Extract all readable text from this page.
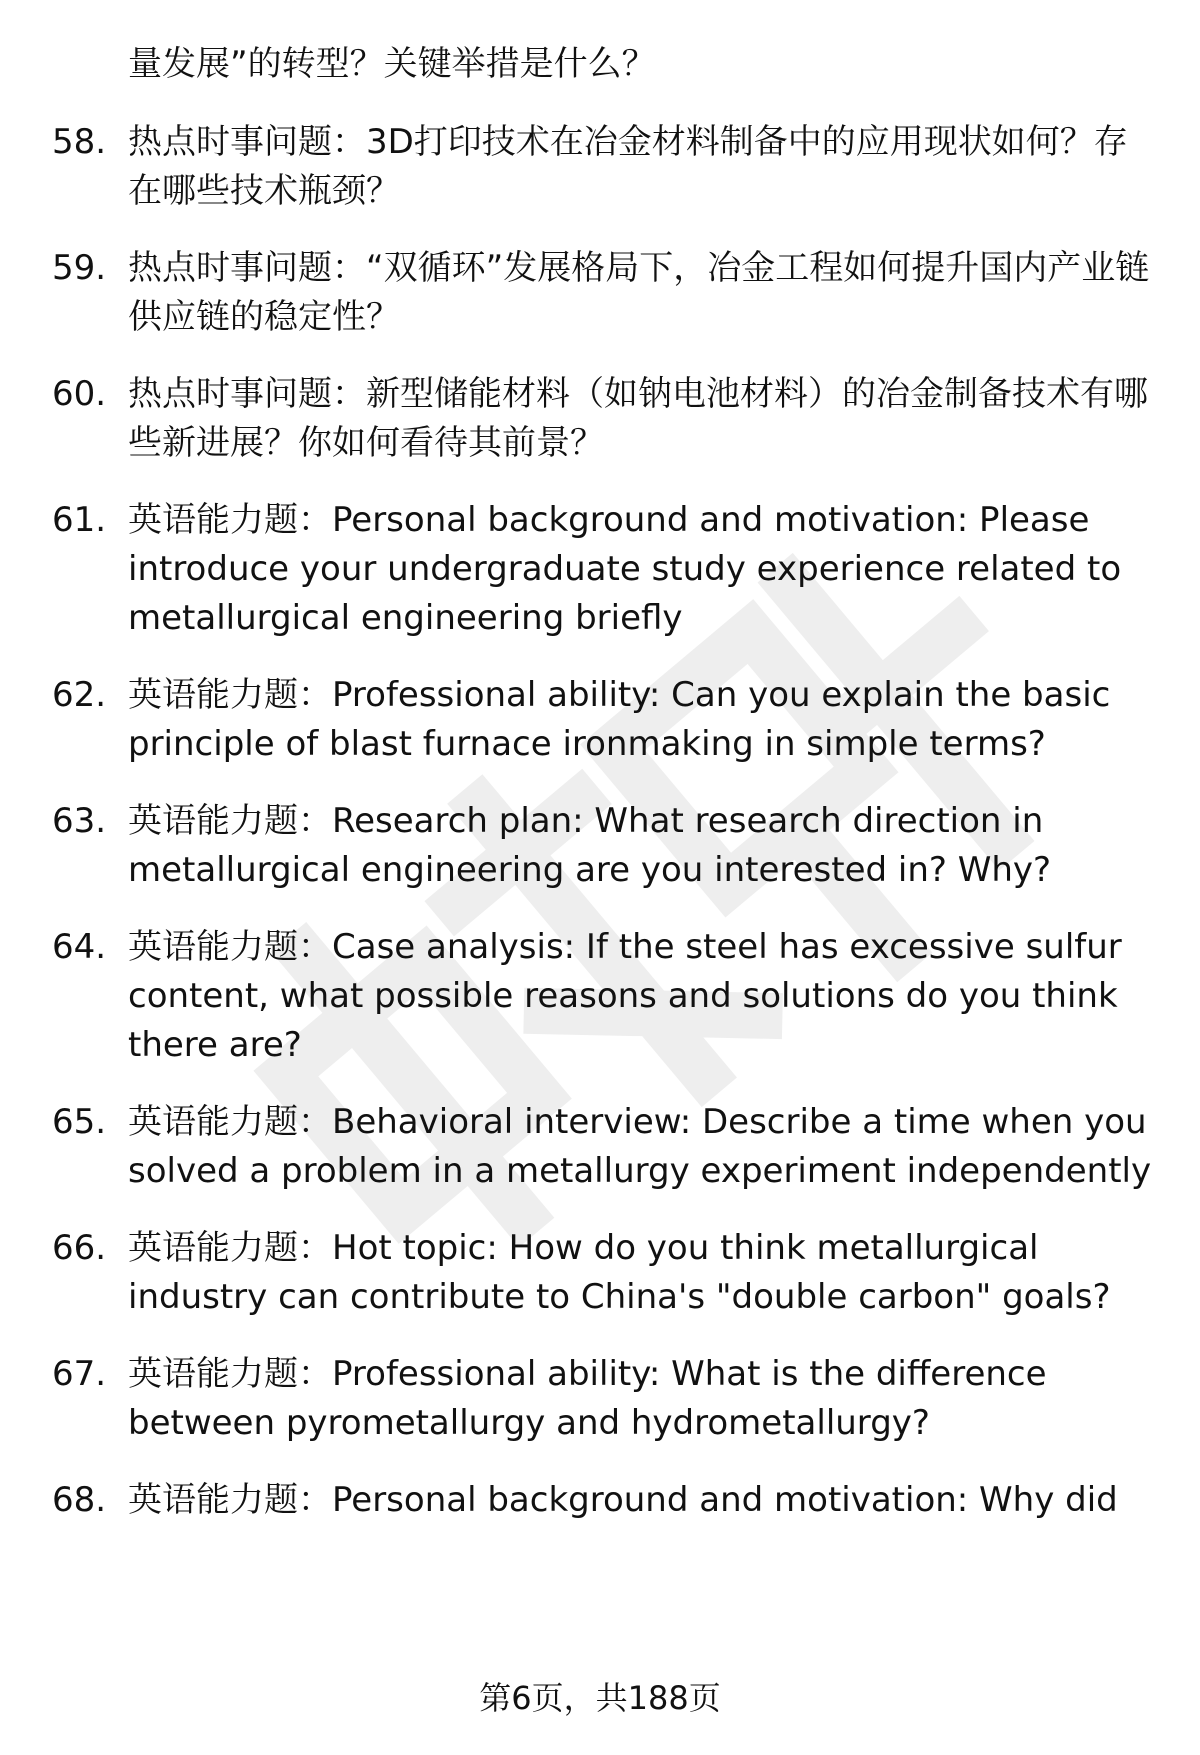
量发展”的转型？关键举措是什么？
58. 热点时事问题：3D打印技术在冶金材料制备中的应用现状如何？存在哪些技术瓶颈？
59. 热点时事问题：“双循环”发展格局下，冶金工程如何提升国内产业链供应链的稳定性？
60. 热点时事问题：新型储能材料（如钠电池材料）的冶金制备技术有哪些新进展？你如何看待其前景？
61. 英语能力题：Personal background and motivation: Please introduce your undergraduate study experience related to metallurgical engineering briefly
62. 英语能力题：Professional ability: Can you explain the basic principle of blast furnace ironmaking in simple terms?
63. 英语能力题：Research plan: What research direction in metallurgical engineering are you interested in? Why?
64. 英语能力题：Case analysis: If the steel has excessive sulfur content, what possible reasons and solutions do you think there are?
65. 英语能力题：Behavioral interview: Describe a time when you solved a problem in a metallurgy experiment independently
66. 英语能力题：Hot topic: How do you think metallurgical industry can contribute to China's "double carbon" goals?
67. 英语能力题：Professional ability: What is the difference between pyrometallurgy and hydrometallurgy?
68. 英语能力题：Personal background and motivation: Why did
第6页，共188页
